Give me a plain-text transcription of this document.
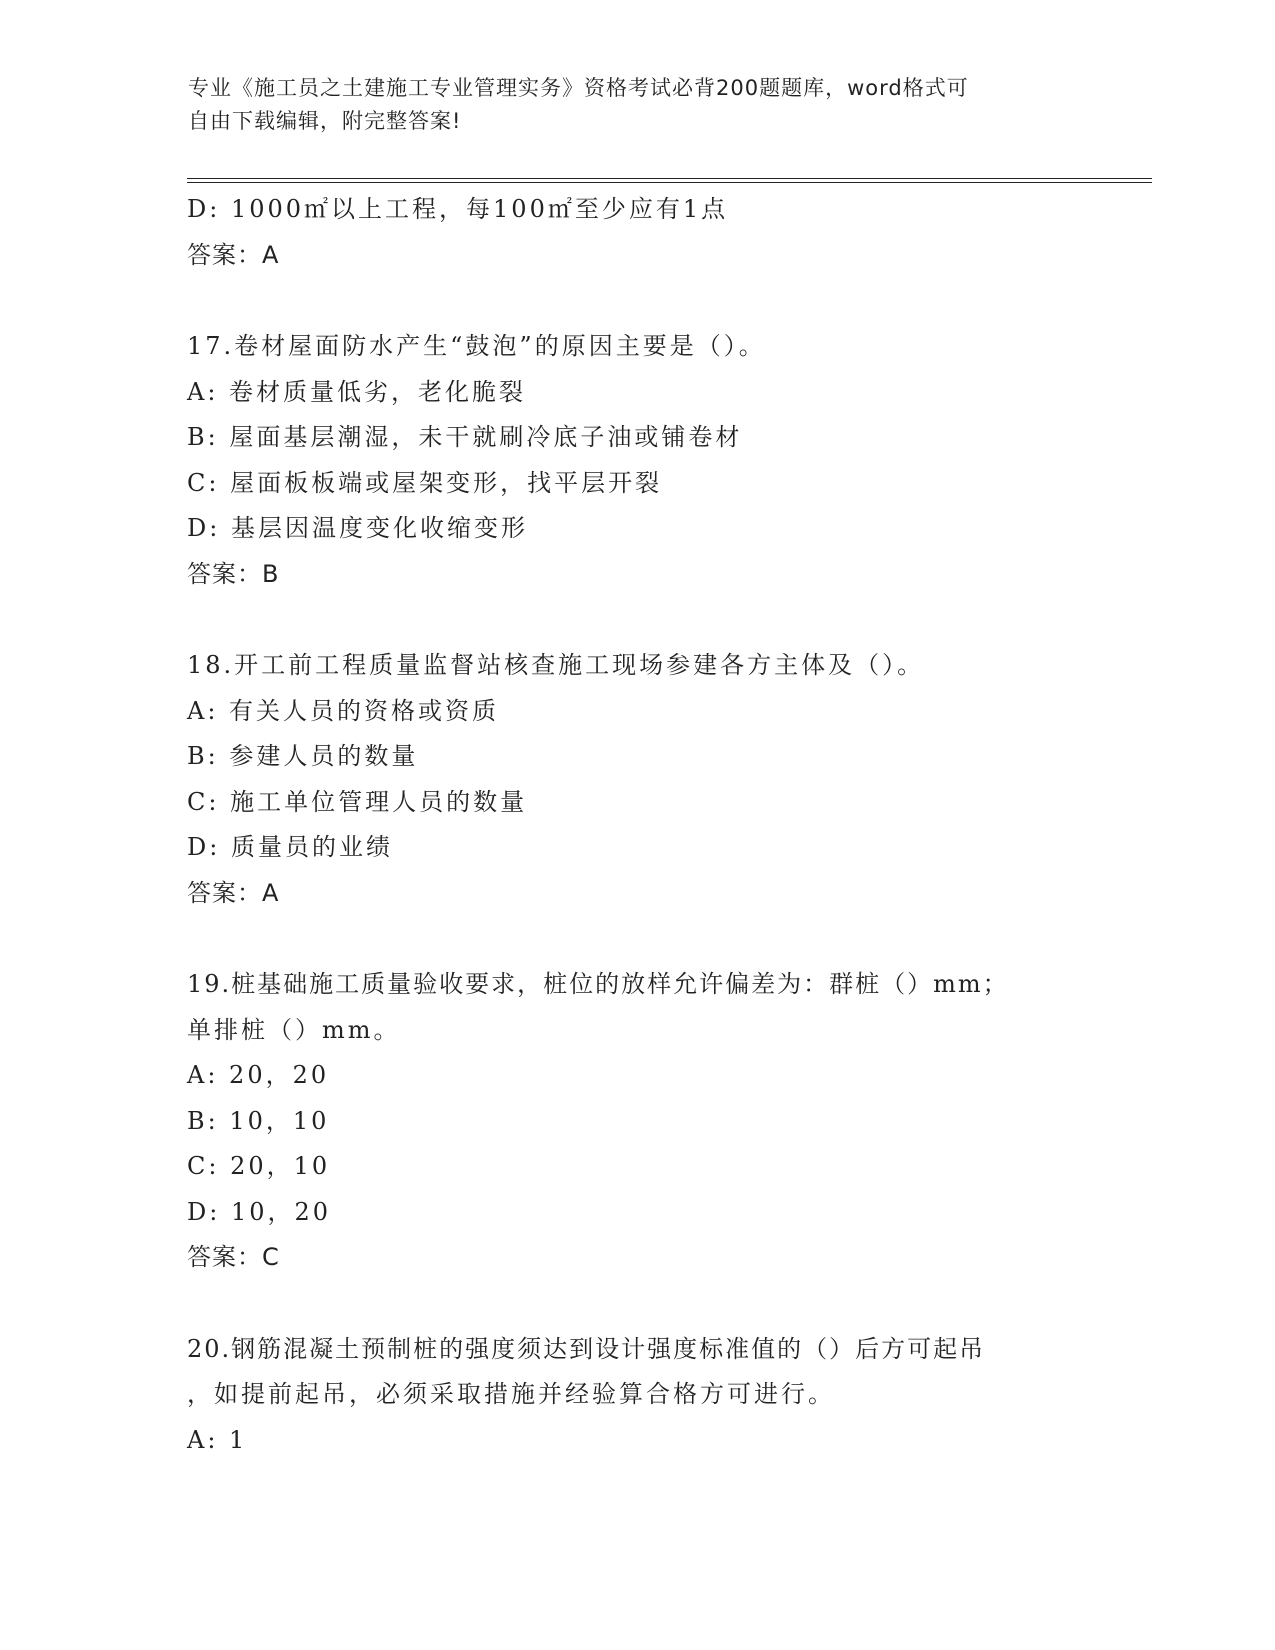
专业《施工员之土建施工专业管理实务》资格考试必背200题题库，word格式可
自由下载编辑，附完整答案!
D: 1000㎡以上工程，每100㎡至少应有1点
答案：A
17.卷材屋面防水产生“鼓泡”的原因主要是（）。
A: 卷材质量低劣，老化脆裂
B: 屋面基层潮湿，未干就刷冷底子油或铺卷材
C: 屋面板板端或屋架变形，找平层开裂
D: 基层因温度变化收缩变形
答案：B
18.开工前工程质量监督站核查施工现场参建各方主体及（）。
A: 有关人员的资格或资质
B: 参建人员的数量
C: 施工单位管理人员的数量
D: 质量员的业绩
答案：A
19.桩基础施工质量验收要求，桩位的放样允许偏差为：群桩（）mm；
单排桩（）mm。
A: 20，20
B: 10，10
C: 20，10
D: 10，20
答案：C
20.钢筋混凝土预制桩的强度须达到设计强度标准值的（）后方可起吊
，如提前起吊，必须采取措施并经验算合格方可进行。
A: 1
